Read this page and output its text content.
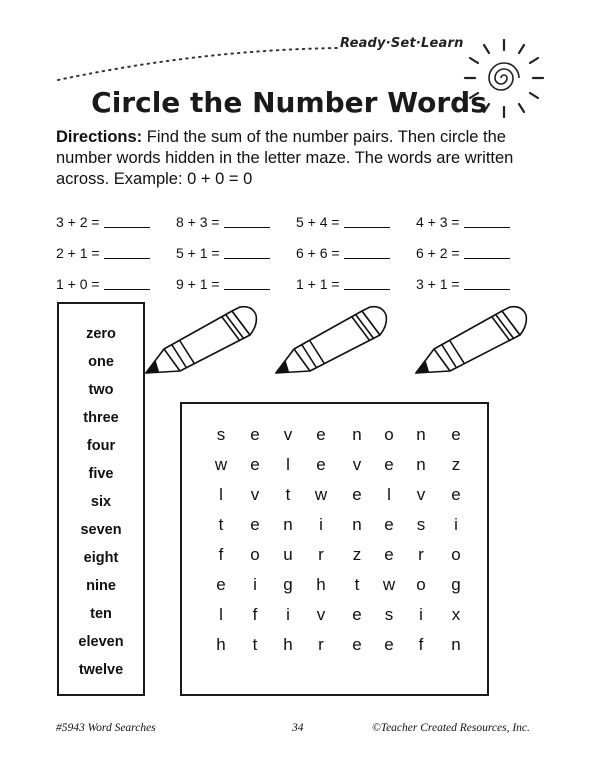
Ready·Set·Learn
Circle the Number Words
Directions: Find the sum of the number pairs. Then circle the number words hidden in the letter maze. The words are written across. Example: 0 + 0 = 0
3 + 2 =	8 + 3 =	5 + 4 =	4 + 3 =
2 + 1 =	5 + 1 =	6 + 6 =	6 + 2 =
1 + 0 =	9 + 1 =	1 + 1 =	3 + 1 =
zero
one
two
three
four
five
six
seven
eight
nine
ten
eleven
twelve
s	e	v	e	n	o	n	e
w	e	l	e	v	e	n	z
l	v	t	w	e	l	v	e
t	e	n	i	n	e	s	i
f	o	u	r	z	e	r	o
e	i	g	h	t	w	o	g
l	f	i	v	e	s	i	x
h	t	h	r	e	e	f	n
#5943 Word Searches	34	©Teacher Created Resources, Inc.
